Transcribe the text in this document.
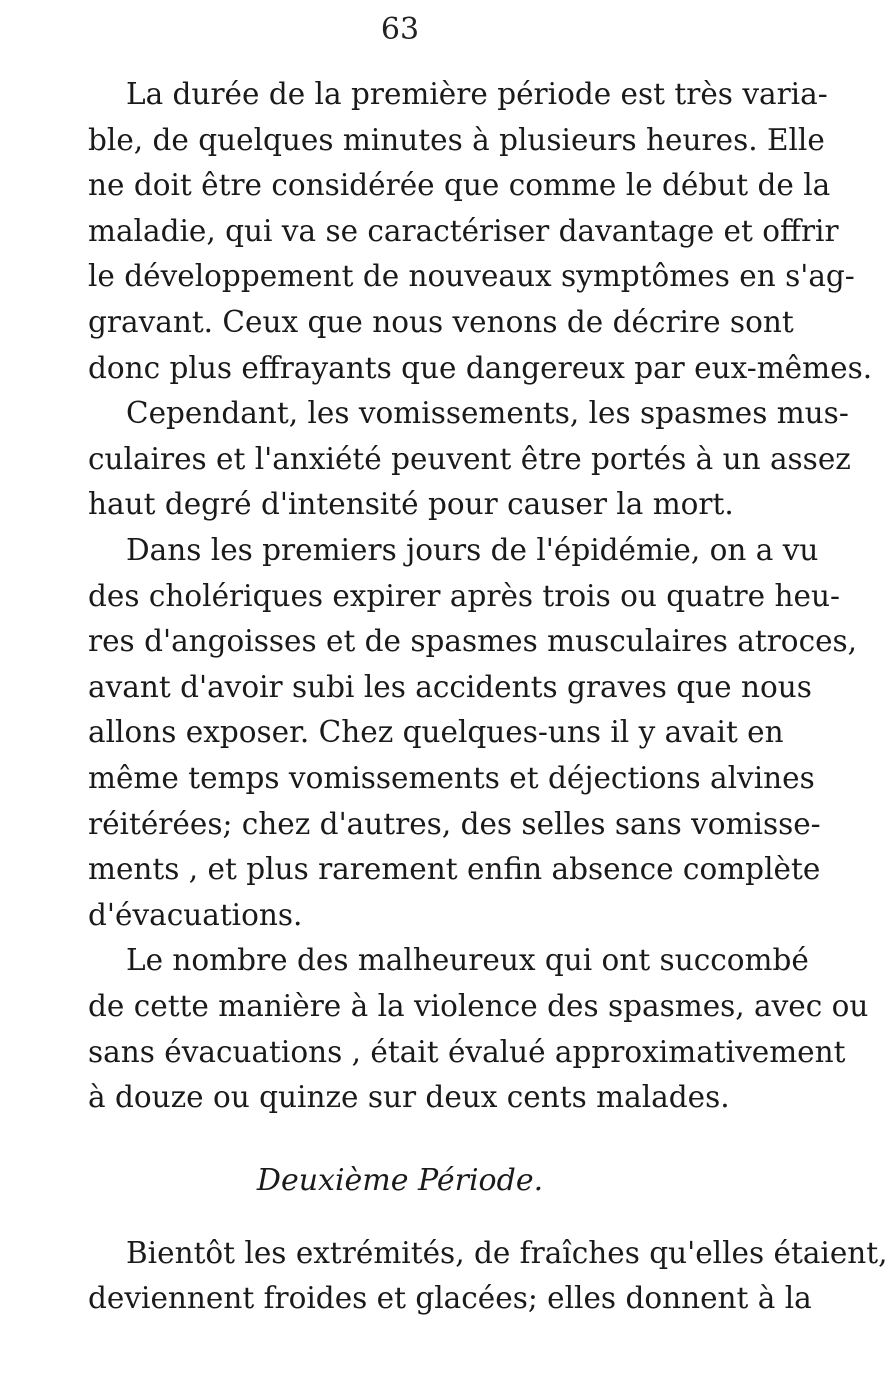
63
La durée de la première période est très varia-
ble, de quelques minutes à plusieurs heures. Elle
ne doit être considérée que comme le début de la
maladie, qui va se caractériser davantage et offrir
le développement de nouveaux symptômes en s'ag-
gravant. Ceux que nous venons de décrire sont
donc plus effrayants que dangereux par eux-mêmes.
Cependant, les vomissements, les spasmes mus-
culaires et l'anxiété peuvent être portés à un assez
haut degré d'intensité pour causer la mort.
Dans les premiers jours de l'épidémie, on a vu
des cholériques expirer après trois ou quatre heu-
res d'angoisses et de spasmes musculaires atroces,
avant d'avoir subi les accidents graves que nous
allons exposer. Chez quelques-uns il y avait en
même temps vomissements et déjections alvines
réitérées; chez d'autres, des selles sans vomisse-
ments , et plus rarement enfin absence complète
d'évacuations.
Le nombre des malheureux qui ont succombé
de cette manière à la violence des spasmes, avec ou
sans évacuations , était évalué approximativement
à douze ou quinze sur deux cents malades.
Deuxième Période.
Bientôt les extrémités, de fraîches qu'elles étaient,
deviennent froides et glacées; elles donnent à la
